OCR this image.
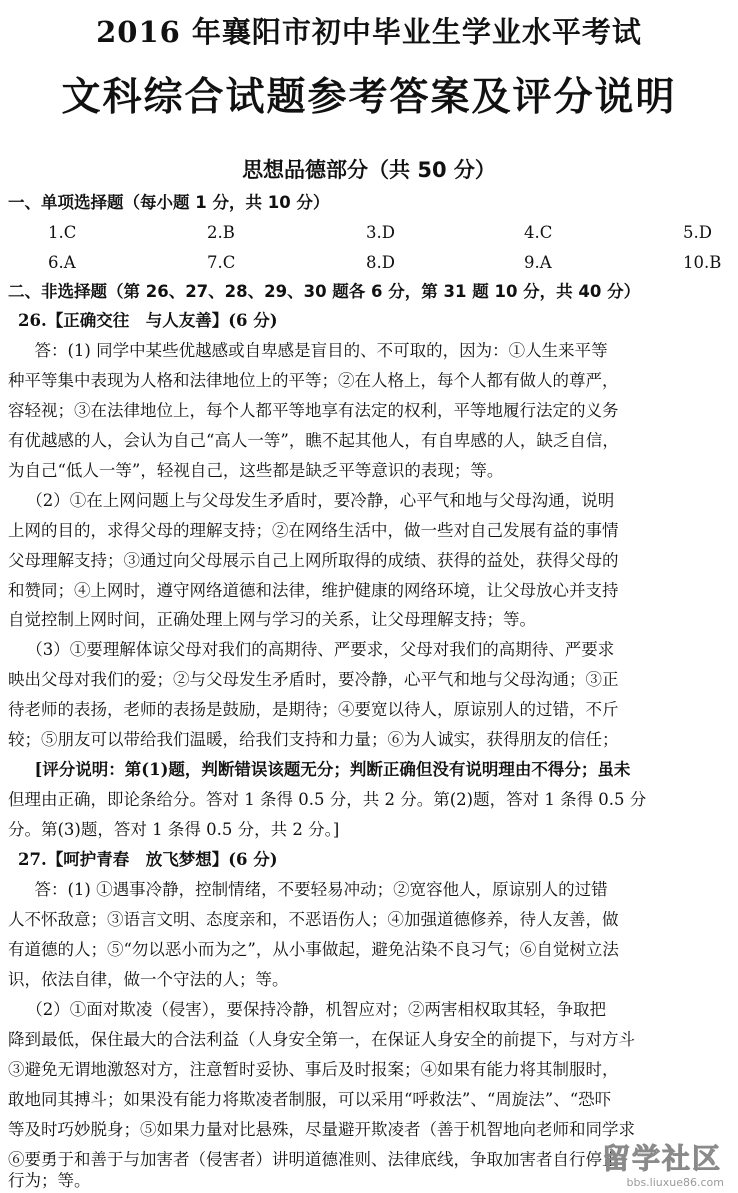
2016 年襄阳市初中毕业生学业水平考试
文科综合试题参考答案及评分说明
思想品德部分（共 50 分）
一、单项选择题（每小题 1 分，共 10 分）
1.C	2.B	3.D	4.C	5.D
6.A	7.C	8.D	9.A	10.B
二、非选择题（第 26、27、28、29、30 题各 6 分，第 31 题 10 分，共 40 分）
26.【正确交往　与人友善】(6 分)
　答：(1) 同学中某些优越感或自卑感是盲目的、不可取的，因为：①人生来平等
种平等集中表现为人格和法律地位上的平等；②在人格上，每个人都有做人的尊严，
容轻视；③在法律地位上，每个人都平等地享有法定的权利，平等地履行法定的义务
有优越感的人，会认为自己“高人一等”，瞧不起其他人，有自卑感的人，缺乏自信，
为自己“低人一等”，轻视自己，这些都是缺乏平等意识的表现；等。
　（2）①在上网问题上与父母发生矛盾时，要冷静，心平气和地与父母沟通，说明
上网的目的，求得父母的理解支持；②在网络生活中，做一些对自己发展有益的事情
父母理解支持；③通过向父母展示自己上网所取得的成绩、获得的益处，获得父母的
和赞同；④上网时，遵守网络道德和法律，维护健康的网络环境，让父母放心并支持
自觉控制上网时间，正确处理上网与学习的关系，让父母理解支持；等。
　（3）①要理解体谅父母对我们的高期待、严要求，父母对我们的高期待、严要求
映出父母对我们的爱；②与父母发生矛盾时，要冷静，心平气和地与父母沟通；③正
待老师的表扬，老师的表扬是鼓励，是期待；④要宽以待人，原谅别人的过错，不斤
较；⑤朋友可以带给我们温暖，给我们支持和力量；⑥为人诚实，获得朋友的信任；
　[评分说明：第(1)题，判断错误该题无分；判断正确但没有说明理由不得分；虽未
但理由正确，即论条给分。答对 1 条得 0.5 分，共 2 分。第(2)题，答对 1 条得 0.5 分
分。第(3)题，答对 1 条得 0.5 分，共 2 分。]
27.【呵护青春　放飞梦想】(6 分)
　答：(1) ①遇事冷静，控制情绪，不要轻易冲动；②宽容他人，原谅别人的过错
人不怀敌意；③语言文明、态度亲和，不恶语伤人；④加强道德修养，待人友善，做
有道德的人；⑤“勿以恶小而为之”，从小事做起，避免沾染不良习气；⑥自觉树立法
识，依法自律，做一个守法的人；等。
　（2）①面对欺凌（侵害），要保持冷静，机智应对；②两害相权取其轻，争取把
降到最低，保住最大的合法利益（人身安全第一，在保证人身安全的前提下，与对方斗
③避免无谓地激怒对方，注意暂时妥协、事后及时报案；④如果有能力将其制服时，
敢地同其搏斗；如果没有能力将欺凌者制服，可以采用“呼救法”、“周旋法”、“恐吓
等及时巧妙脱身；⑤如果力量对比悬殊，尽量避开欺凌者（善于机智地向老师和同学求
⑥要勇于和善于与加害者（侵害者）讲明道德准则、法律底线，争取加害者自行停止
行为；等。
留学社区
bbs.liuxue86.com
